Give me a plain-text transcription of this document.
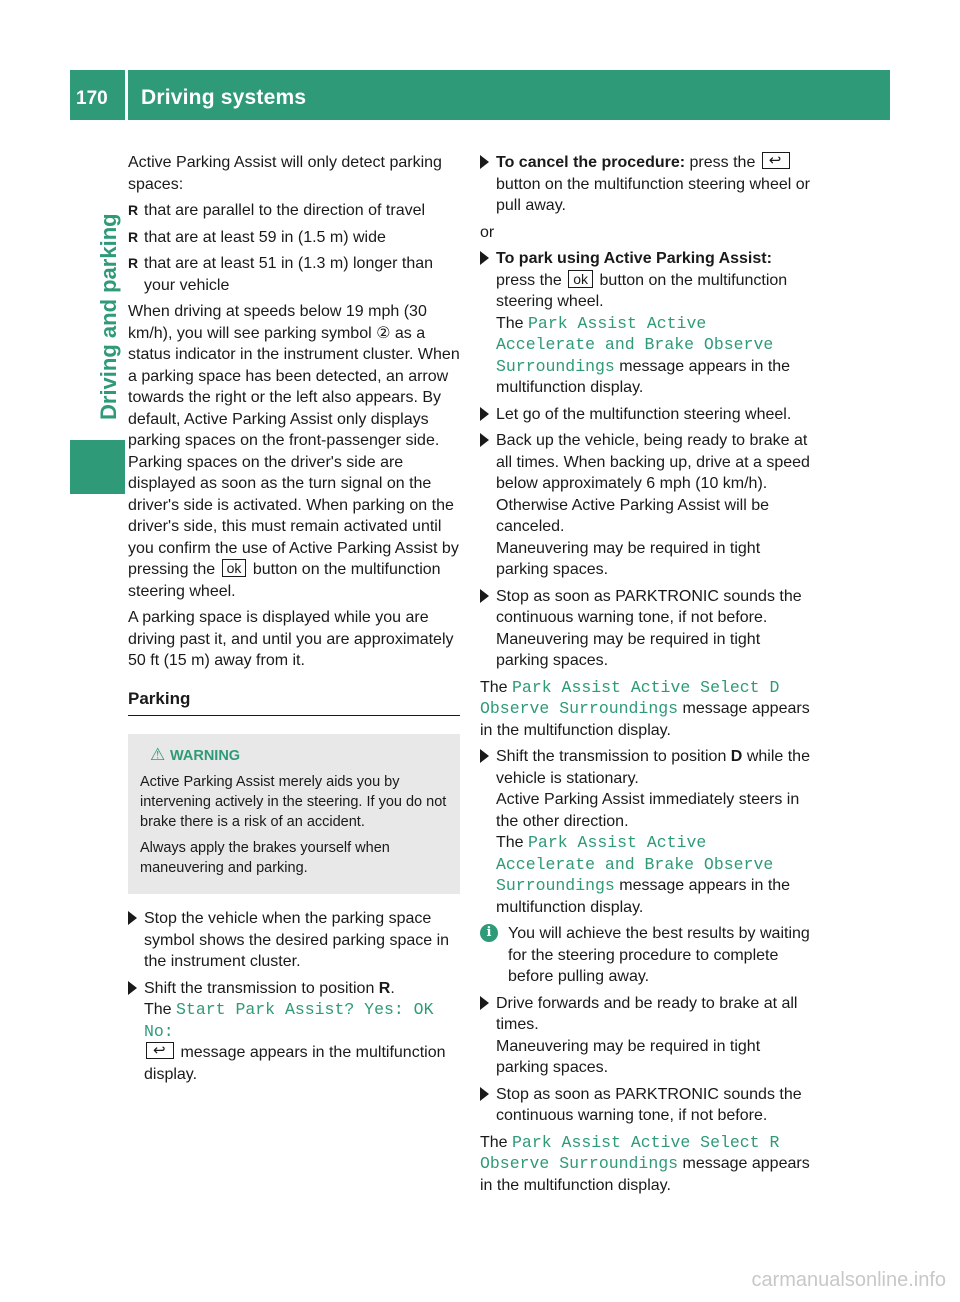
170	Driving systems
Driving and parking

Active Parking Assist will only detect parking spaces:

R that are parallel to the direction of travel

R that are at least 59 in (1.5 m) wide

R that are at least 51 in (1.3 m) longer than your vehicle

When driving at speeds below 19 mph (30 km/h), you will see parking symbol ② as a status indicator in the instrument cluster. When a parking space has been detected, an arrow towards the right or the left also appears. By default, Active Parking Assist only displays parking spaces on the front-passenger side. Parking spaces on the driver's side are displayed as soon as the turn signal on the driver's side is activated. When parking on the driver's side, this must remain activated until you confirm the use of Active Parking Assist by pressing the ok button on the multifunction steering wheel.

A parking space is displayed while you are driving past it, and until you are approximately 50 ft (15 m) away from it.

Parking
⚠ WARNING

Active Parking Assist merely aids you by intervening actively in the steering. If you do not brake there is a risk of an accident.

Always apply the brakes yourself when maneuvering and parking.

Stop the vehicle when the parking space symbol shows the desired parking space in the instrument cluster.
Shift the transmission to position R.
The Start Park Assist? Yes: OK No:
↩ message appears in the multifunction display.
To cancel the procedure: press the ↩ button on the multifunction steering wheel or pull away.

or

To park using Active Parking Assist:
press the ok button on the multifunction steering wheel.
The Park Assist Active Accelerate and Brake Observe Surroundings message appears in the multifunction display.
Let go of the multifunction steering wheel.
Back up the vehicle, being ready to brake at all times. When backing up, drive at a speed below approximately 6 mph (10 km/h).
Otherwise Active Parking Assist will be canceled.
Maneuvering may be required in tight parking spaces.
Stop as soon as PARKTRONIC sounds the continuous warning tone, if not before.
Maneuvering may be required in tight parking spaces.

The Park Assist Active Select D Observe Surroundings message appears in the multifunction display.

Shift the transmission to position D while the vehicle is stationary.
Active Parking Assist immediately steers in the other direction.
The Park Assist Active Accelerate and Brake Observe Surroundings message appears in the multifunction display.
i	You will achieve the best results by waiting for the steering procedure to complete before pulling away.
Drive forwards and be ready to brake at all times.
Maneuvering may be required in tight parking spaces.
Stop as soon as PARKTRONIC sounds the continuous warning tone, if not before.

The Park Assist Active Select R Observe Surroundings message appears in the multifunction display.

carmanualsonline.info
